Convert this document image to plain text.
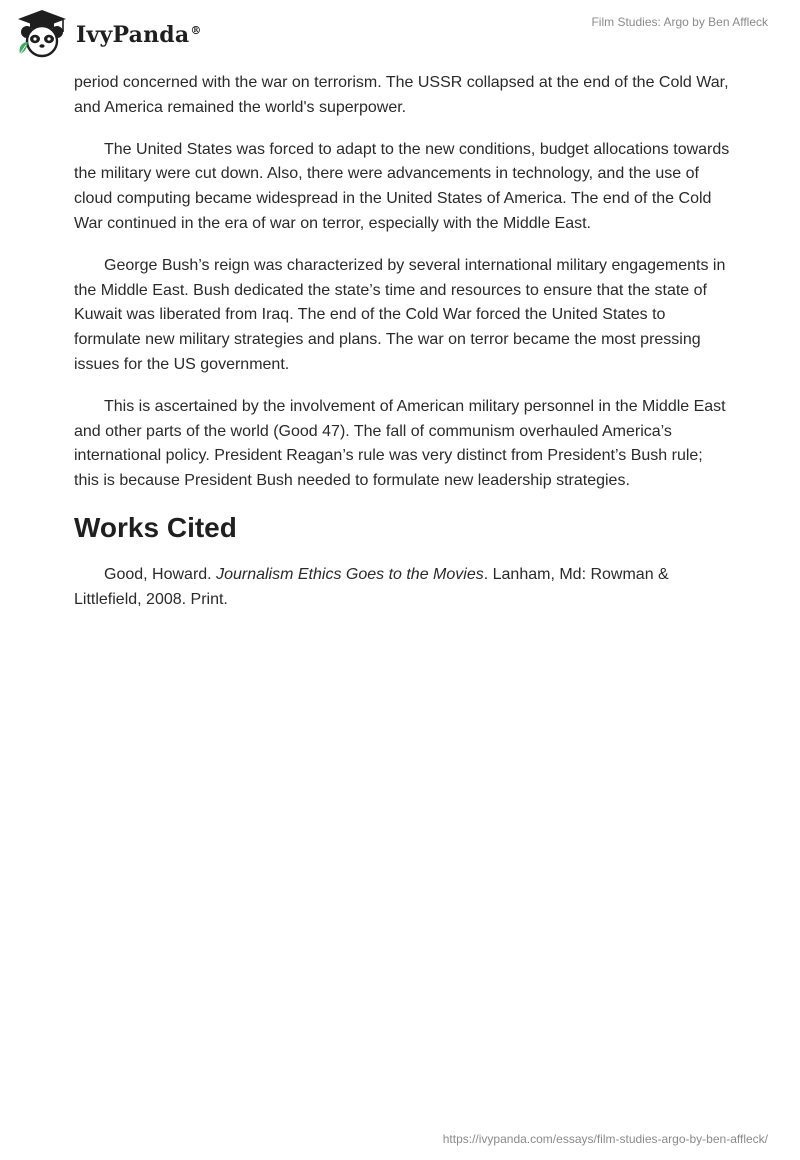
IvyPanda®
Film Studies: Argo by Ben Affleck

period concerned with the war on terrorism. The USSR collapsed at the end of the Cold War, and America remained the world's superpower.

The United States was forced to adapt to the new conditions, budget allocations towards the military were cut down. Also, there were advancements in technology, and the use of cloud computing became widespread in the United States of America. The end of the Cold War continued in the era of war on terror, especially with the Middle East.

George Bush’s reign was characterized by several international military engagements in the Middle East. Bush dedicated the state’s time and resources to ensure that the state of Kuwait was liberated from Iraq. The end of the Cold War forced the United States to formulate new military strategies and plans. The war on terror became the most pressing issues for the US government.

This is ascertained by the involvement of American military personnel in the Middle East and other parts of the world (Good 47). The fall of communism overhauled America’s international policy. President Reagan’s rule was very distinct from President’s Bush rule; this is because President Bush needed to formulate new leadership strategies.

Works Cited

Good, Howard. Journalism Ethics Goes to the Movies. Lanham, Md: Rowman & Littlefield, 2008. Print.

https://ivypanda.com/essays/film-studies-argo-by-ben-affleck/
